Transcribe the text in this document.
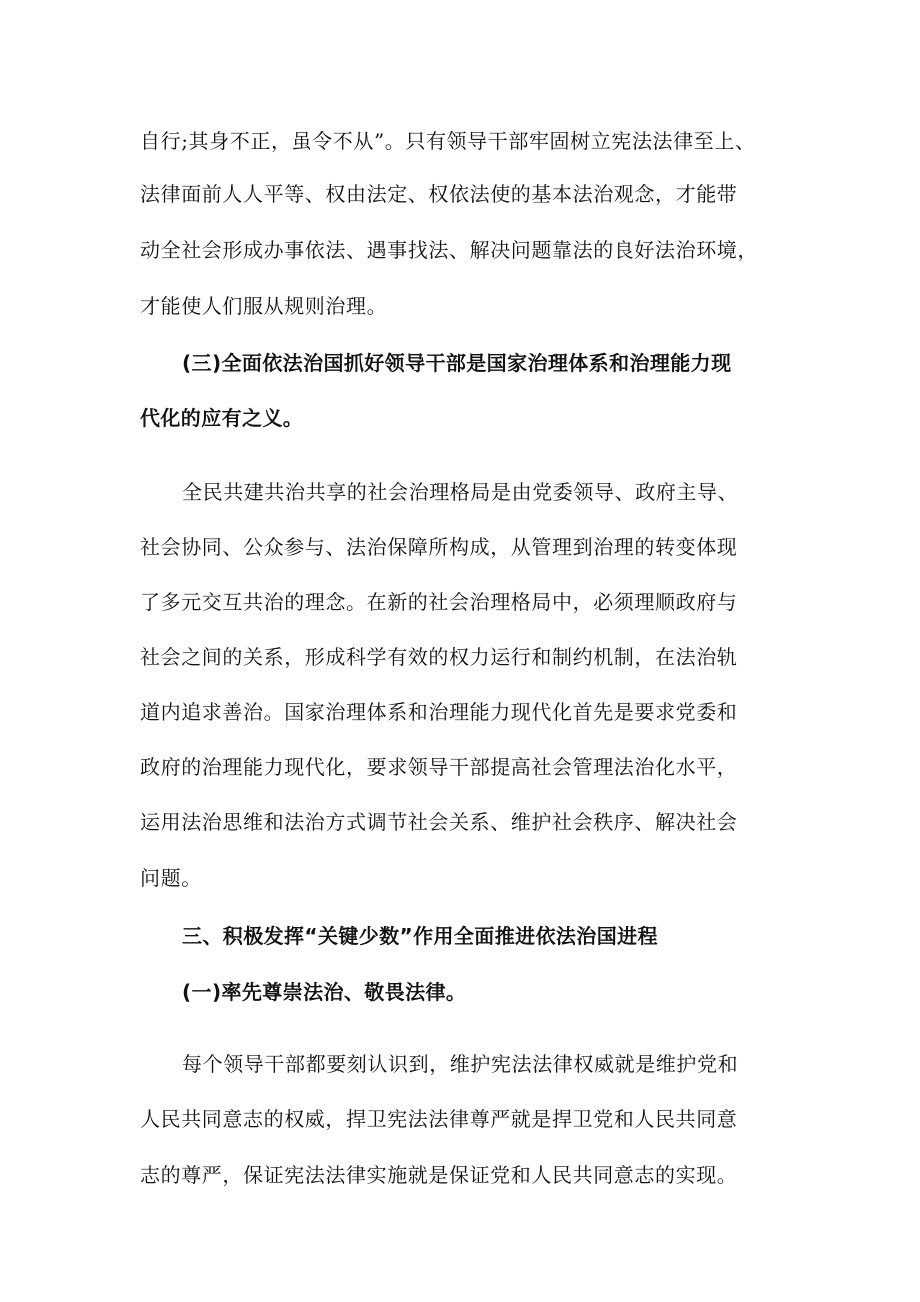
自行;其身不正，虽令不从”。只有领导干部牢固树立宪法法律至上、
法律面前人人平等、权由法定、权依法使的基本法治观念，才能带
动全社会形成办事依法、遇事找法、解决问题靠法的良好法治环境，
才能使人们服从规则治理。
(三)全面依法治国抓好领导干部是国家治理体系和治理能力现
代化的应有之义。
全民共建共治共享的社会治理格局是由党委领导、政府主导、
社会协同、公众参与、法治保障所构成，从管理到治理的转变体现
了多元交互共治的理念。在新的社会治理格局中，必须理顺政府与
社会之间的关系，形成科学有效的权力运行和制约机制，在法治轨
道内追求善治。国家治理体系和治理能力现代化首先是要求党委和
政府的治理能力现代化，要求领导干部提高社会管理法治化水平，
运用法治思维和法治方式调节社会关系、维护社会秩序、解决社会
问题。
三、积极发挥“关键少数”作用全面推进依法治国进程
(一)率先尊崇法治、敬畏法律。
每个领导干部都要刻认识到，维护宪法法律权威就是维护党和
人民共同意志的权威，捍卫宪法法律尊严就是捍卫党和人民共同意
志的尊严，保证宪法法律实施就是保证党和人民共同意志的实现。
